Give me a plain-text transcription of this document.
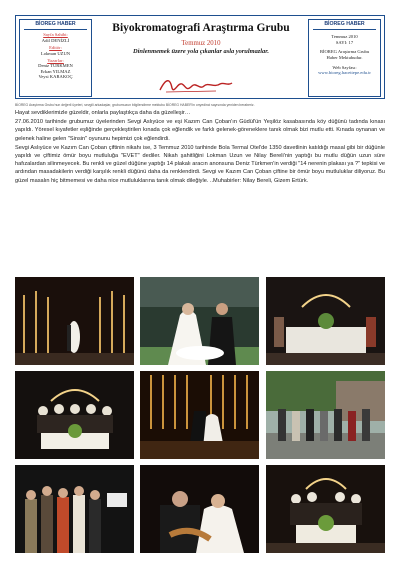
BİOREG HABER
Sayfa Sahibi:
Adil DENİZLİ
Editör:
Lokman UZUN
Yazarlar:
Deniz TÜRKMEN
Erkan YILMAZ
Veysi KARAKOÇ
Biyokromatografi Araştırma Grubu
Temmuz 2010
Dinlenmemek üzere yola çıkanlar asla yorulmazlar.
BİOREG HABER
Temmuz 2010
SAYI: 17
BİOREG Araştırma Grubu
Haber Mektubudur.
Web Sayfası:
www.bioreg.hacettepe.edu.tr
BİOREG Araştırma Grubu'nun değerli üyeleri, sevgili arkadaşlar, grubumuzun bilgilendirme mektubu BİOREG HABER'in onyedinci sayısında yeniden beraberiz.

Hayat sevdiklerimizle güzeldir, onlarla paylaştıkça daha da güzelleşir…

27.06.2010 tarihinde grubumuz üyelerinden Sevgi Aslıyüce ve eşi Kazım Can Çoban'ın Güdül'ün Yeşilöz kasabasında köy düğünü tadında kınası yapıldı. Yöresel kıyafetler eşliğinde gerçekleştirilen kınada çok eğlendik ve farklı gelenek-göreneklere tanık olmak bizi mutlu etti. Kınada oynanan ve gelenek haline gelen "Sinsin" oyununu hepimizi çok eğlendirdi.

Sevgi Aslıyüce ve Kazım Can Çoban çiftinin nikahı ise, 3 Temmuz 2010 tarihinde Bola Termal Otel'de 1350 davetlinin katıldığı masal gibi bir düğünle yapıldı ve çiftimiz ömür boyu mutluluğa "EVET" dediler. Nikah şahitliğini Lokman Uzun ve Nilay Bereli'nin yaptığı bu mutlu düğün uzun süre hafızalardan silinmeyecek. Bu renkli ve güzel düğüne yaptığı 14 plakalı aracın anonsuna Deniz Türkmen'in verdiği "14 nerenin plakası ya ?" tepkisi ve ardından masadakilerin verdiği karşılık renkli düğünü daha da renklendirdi. Sevgi ve Kazım Can Çoban çiftine bir ömür boyu mutluluklar diliyoruz. Bu güzel masalın hiç bitmemesi ve daha nice mutluluklarına tanık olmak dileğiyle. ..Muhabirler: Nilay Bereli, Gizem Ertürk.
